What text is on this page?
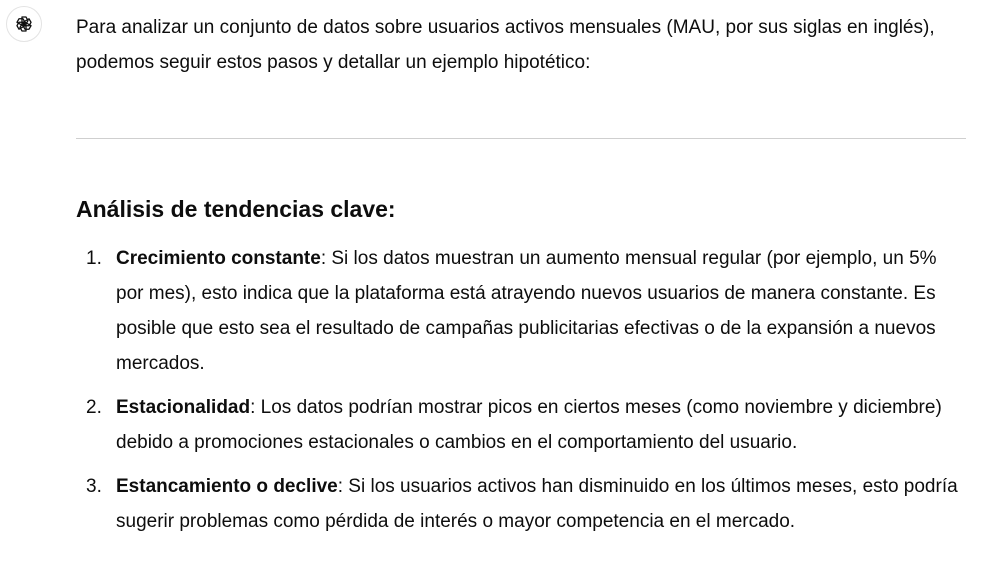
Para analizar un conjunto de datos sobre usuarios activos mensuales (MAU, por sus siglas en inglés), podemos seguir estos pasos y detallar un ejemplo hipotético:

Análisis de tendencias clave:
1. Crecimiento constante: Si los datos muestran un aumento mensual regular (por ejemplo, un 5% por mes), esto indica que la plataforma está atrayendo nuevos usuarios de manera constante. Es posible que esto sea el resultado de campañas publicitarias efectivas o de la expansión a nuevos mercados.
2. Estacionalidad: Los datos podrían mostrar picos en ciertos meses (como noviembre y diciembre) debido a promociones estacionales o cambios en el comportamiento del usuario.
3. Estancamiento o declive: Si los usuarios activos han disminuido en los últimos meses, esto podría sugerir problemas como pérdida de interés o mayor competencia en el mercado.
